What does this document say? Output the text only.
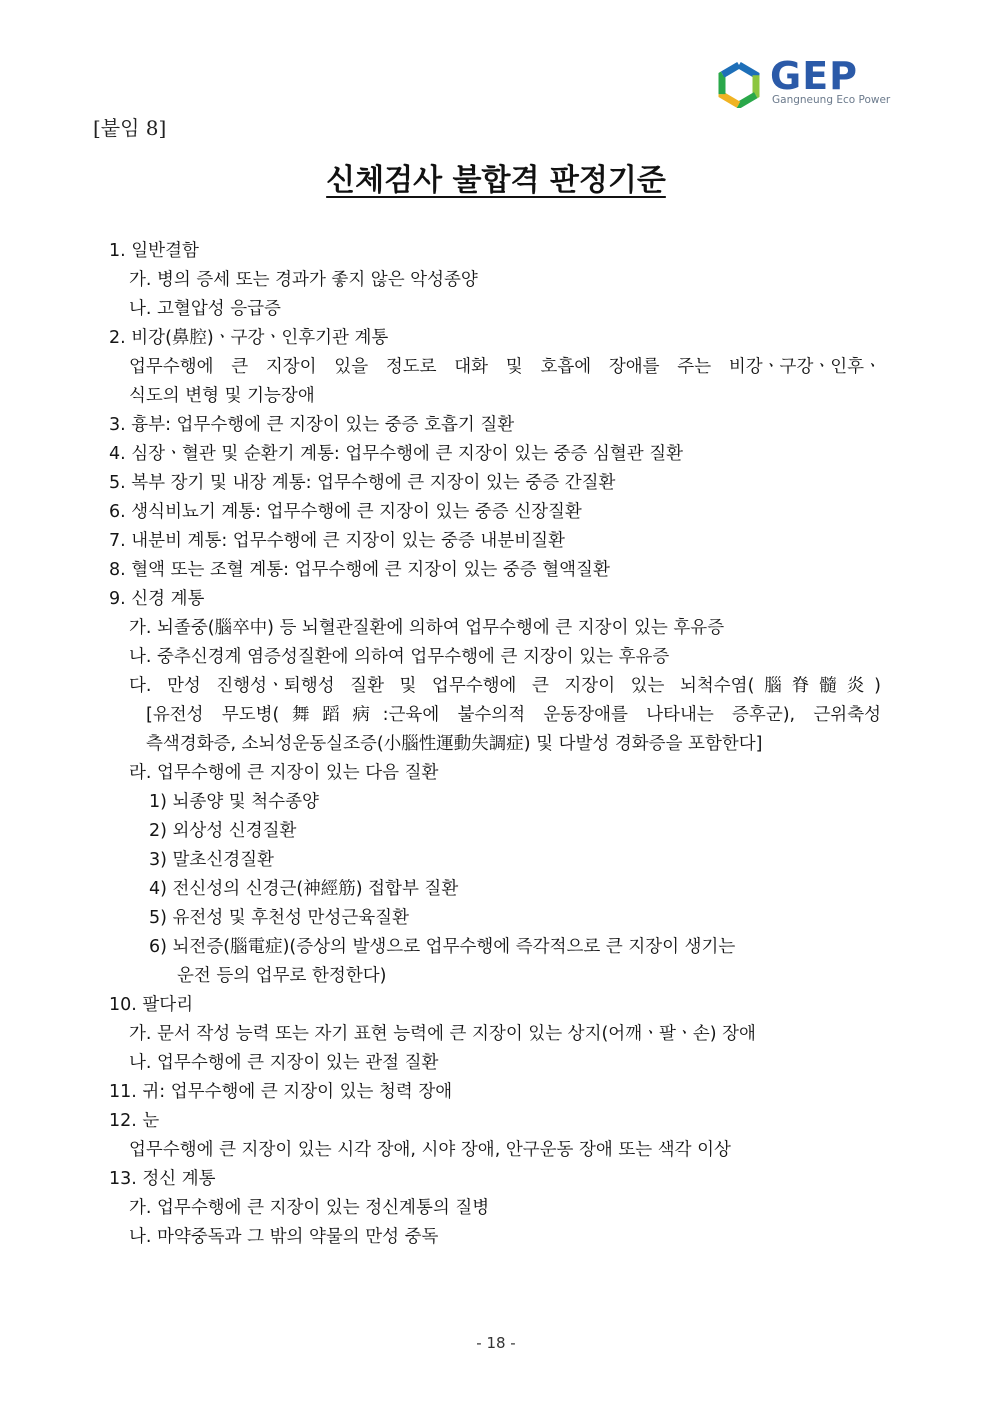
GEP
Gangneung Eco Power
[붙임 8]
신체검사 불합격 판정기준
1. 일반결함
가. 병의 증세 또는 경과가 좋지 않은 악성종양
나. 고혈압성 응급증
2. 비강(鼻腔)ㆍ구강ㆍ인후기관 계통
업무수행에 큰 지장이 있을 정도로 대화 및 호흡에 장애를 주는 비강ㆍ구강ㆍ인후ㆍ
식도의 변형 및 기능장애
3. 흉부: 업무수행에 큰 지장이 있는 중증 호흡기 질환
4. 심장ㆍ혈관 및 순환기 계통: 업무수행에 큰 지장이 있는 중증 심혈관 질환
5. 복부 장기 및 내장 계통: 업무수행에 큰 지장이 있는 중증 간질환
6. 생식비뇨기 계통: 업무수행에 큰 지장이 있는 중증 신장질환
7. 내분비 계통: 업무수행에 큰 지장이 있는 중증 내분비질환
8. 혈액 또는 조혈 계통: 업무수행에 큰 지장이 있는 중증 혈액질환
9. 신경 계통
가. 뇌졸중(腦卒中) 등 뇌혈관질환에 의하여 업무수행에 큰 지장이 있는 후유증
나. 중추신경계 염증성질환에 의하여 업무수행에 큰 지장이 있는 후유증
다. 만성 진행성ㆍ퇴행성 질환 및 업무수행에 큰 지장이 있는 뇌척수염(腦脊髓炎)
[유전성 무도병(舞蹈病:근육에 불수의적 운동장애를 나타내는 증후군), 근위축성
측색경화증, 소뇌성운동실조증(小腦性運動失調症) 및 다발성 경화증을 포함한다]
라. 업무수행에 큰 지장이 있는 다음 질환
1) 뇌종양 및 척수종양
2) 외상성 신경질환
3) 말초신경질환
4) 전신성의 신경근(神經筋) 접합부 질환
5) 유전성 및 후천성 만성근육질환
6) 뇌전증(腦電症)(증상의 발생으로 업무수행에 즉각적으로 큰 지장이 생기는
운전 등의 업무로 한정한다)
10. 팔다리
가. 문서 작성 능력 또는 자기 표현 능력에 큰 지장이 있는 상지(어깨ㆍ팔ㆍ손) 장애
나. 업무수행에 큰 지장이 있는 관절 질환
11. 귀: 업무수행에 큰 지장이 있는 청력 장애
12. 눈
업무수행에 큰 지장이 있는 시각 장애, 시야 장애, 안구운동 장애 또는 색각 이상
13. 정신 계통
가. 업무수행에 큰 지장이 있는 정신계통의 질병
나. 마약중독과 그 밖의 약물의 만성 중독
- 18 -
